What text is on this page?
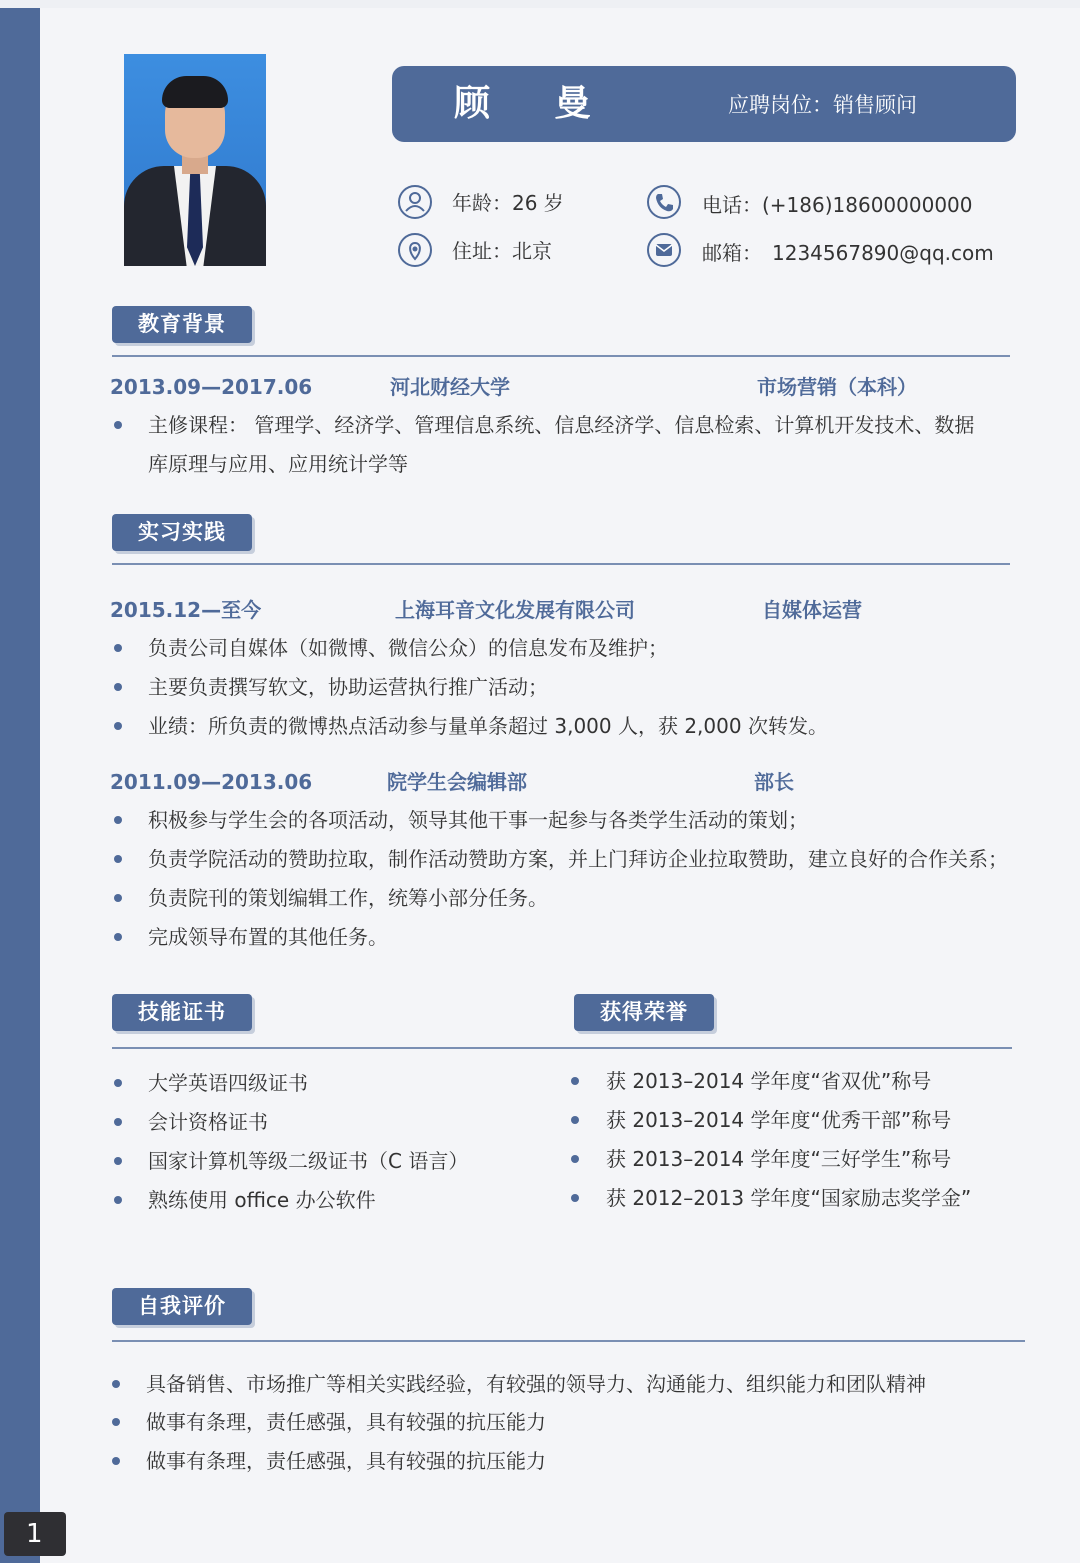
顾 曼	应聘岗位：销售顾问
年龄：26 岁
住址：北京
电话：(+186)18600000000
邮箱： 1234567890@qq.com
教育背景
2013.09—2017.06	河北财经大学	市场营销（本科）
主修课程： 管理学、经济学、管理信息系统、信息经济学、信息检索、计算机开发技术、数据
库原理与应用、应用统计学等
实习实践
2015.12—至今	上海耳音文化发展有限公司	自媒体运营
负责公司自媒体（如微博、微信公众）的信息发布及维护；
主要负责撰写软文，协助运营执行推广活动；
业绩：所负责的微博热点活动参与量单条超过 3,000 人，获 2,000 次转发。
2011.09—2013.06	院学生会编辑部	部长
积极参与学生会的各项活动，领导其他干事一起参与各类学生活动的策划；
负责学院活动的赞助拉取，制作活动赞助方案，并上门拜访企业拉取赞助，建立良好的合作关系；
负责院刊的策划编辑工作，统筹小部分任务。
完成领导布置的其他任务。
技能证书	获得荣誉
大学英语四级证书
会计资格证书
国家计算机等级二级证书（C 语言）
熟练使用 office 办公软件
获 2013–2014 学年度“省双优”称号
获 2013–2014 学年度“优秀干部”称号
获 2013–2014 学年度“三好学生”称号
获 2012–2013 学年度“国家励志奖学金”
自我评价
具备销售、市场推广等相关实践经验，有较强的领导力、沟通能力、组织能力和团队精神
做事有条理，责任感强，具有较强的抗压能力
做事有条理，责任感强，具有较强的抗压能力
1
